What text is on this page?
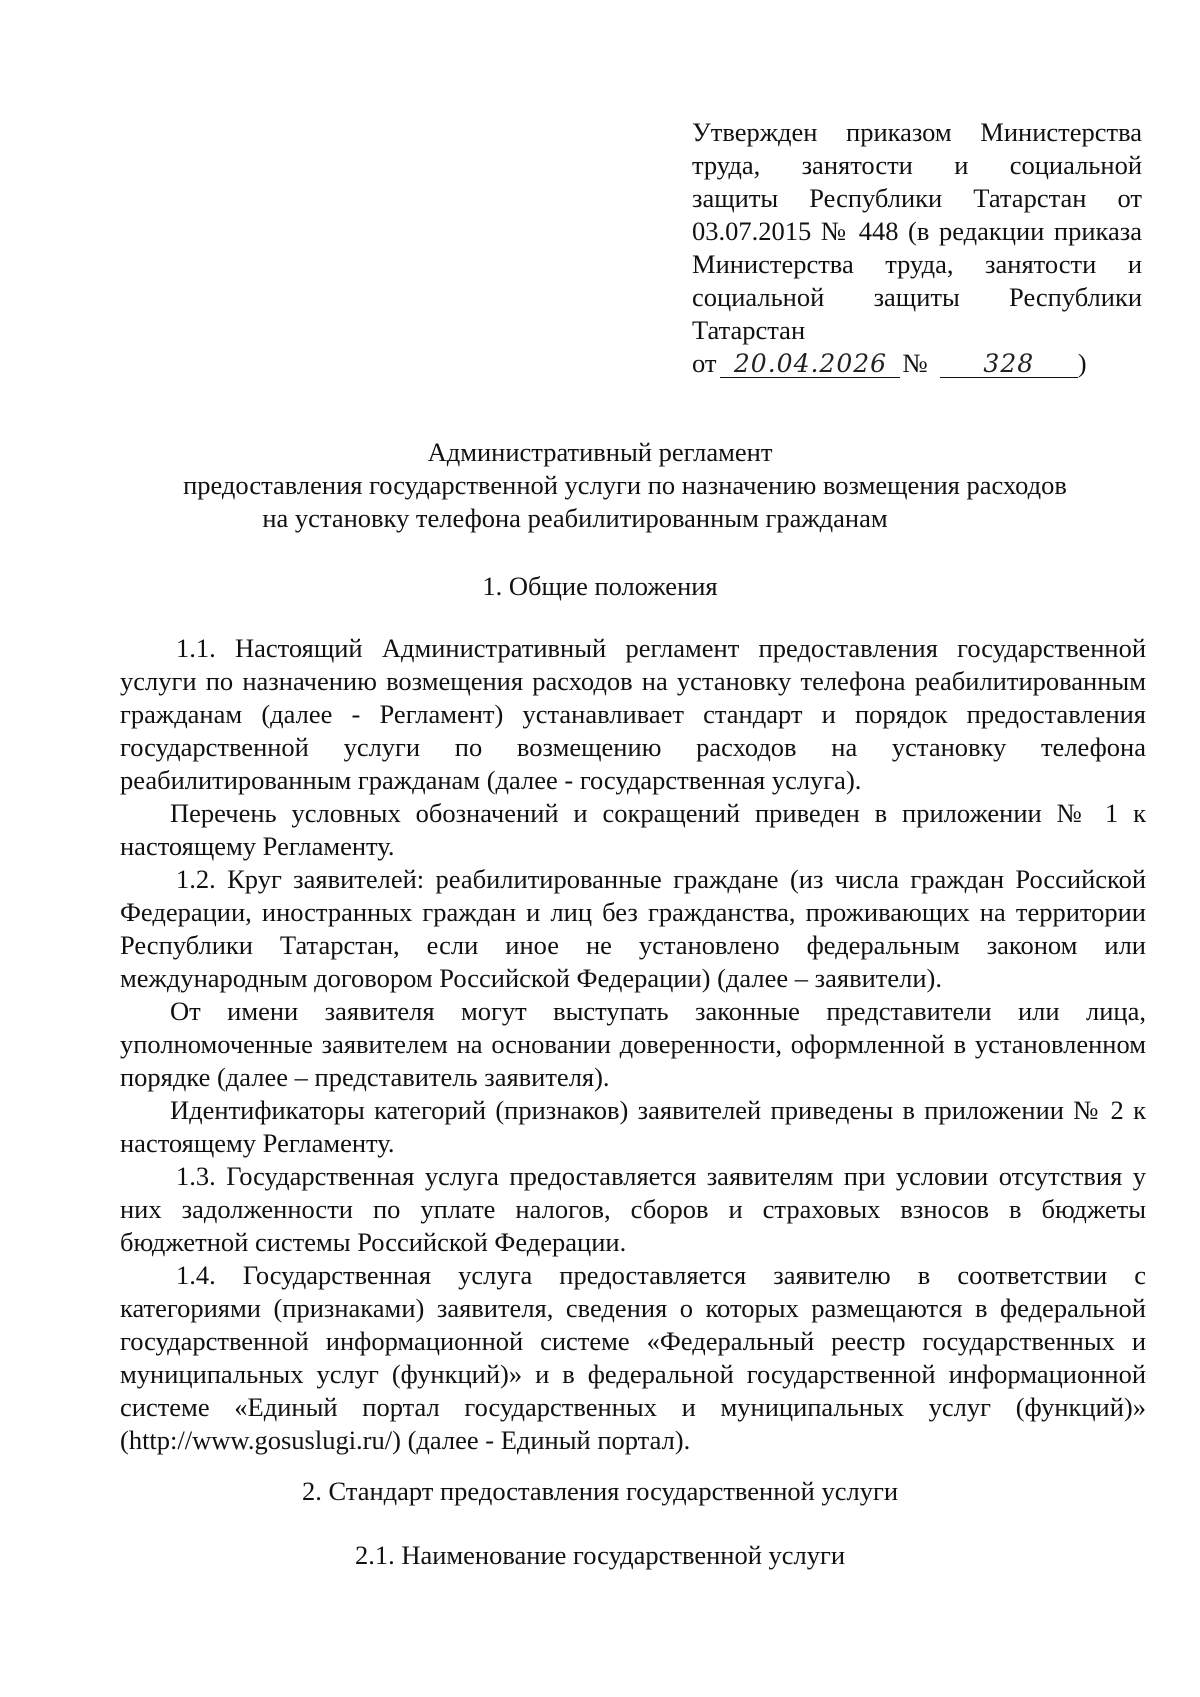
Утвержден приказом Министерства
труда, занятости и социальной
защиты Республики Татарстан от
03.07.2015 № 448 (в редакции приказа
Министерства труда, занятости и
социальной защиты Республики
Татарстан
от 20.04.2026 №	328	)
Административный регламент
предоставления государственной услуги по назначению возмещения расходов
на установку телефона реабилитированным гражданам
1. Общие положения

1.1. Настоящий Административный регламент предоставления государственной услуги по назначению возмещения расходов на установку телефона реабилитированным гражданам (далее - Регламент) устанавливает стандарт и порядок предоставления государственной услуги по возмещению расходов на установку телефона реабилитированным гражданам (далее - государственная услуга).

Перечень условных обозначений и сокращений приведен в приложении № 1 к настоящему Регламенту.

1.2. Круг заявителей: реабилитированные граждане (из числа граждан Российской Федерации, иностранных граждан и лиц без гражданства, проживающих на территории Республики Татарстан, если иное не установлено федеральным законом или международным договором Российской Федерации) (далее – заявители).

От имени заявителя могут выступать законные представители или лица, уполномоченные заявителем на основании доверенности, оформленной в установленном порядке (далее – представитель заявителя).

Идентификаторы категорий (признаков) заявителей приведены в приложении № 2 к настоящему Регламенту.

1.3. Государственная услуга предоставляется заявителям при условии отсутствия у них задолженности по уплате налогов, сборов и страховых взносов в бюджеты бюджетной системы Российской Федерации.

1.4. Государственная услуга предоставляется заявителю в соответствии с категориями (признаками) заявителя, сведения о которых размещаются в федеральной государственной информационной системе «Федеральный реестр государственных и муниципальных услуг (функций)» и в федеральной государственной информационной системе «Единый портал государственных и муниципальных услуг (функций)» (http://www.gosuslugi.ru/) (далее - Единый портал).

2. Стандарт предоставления государственной услуги
2.1. Наименование государственной услуги
